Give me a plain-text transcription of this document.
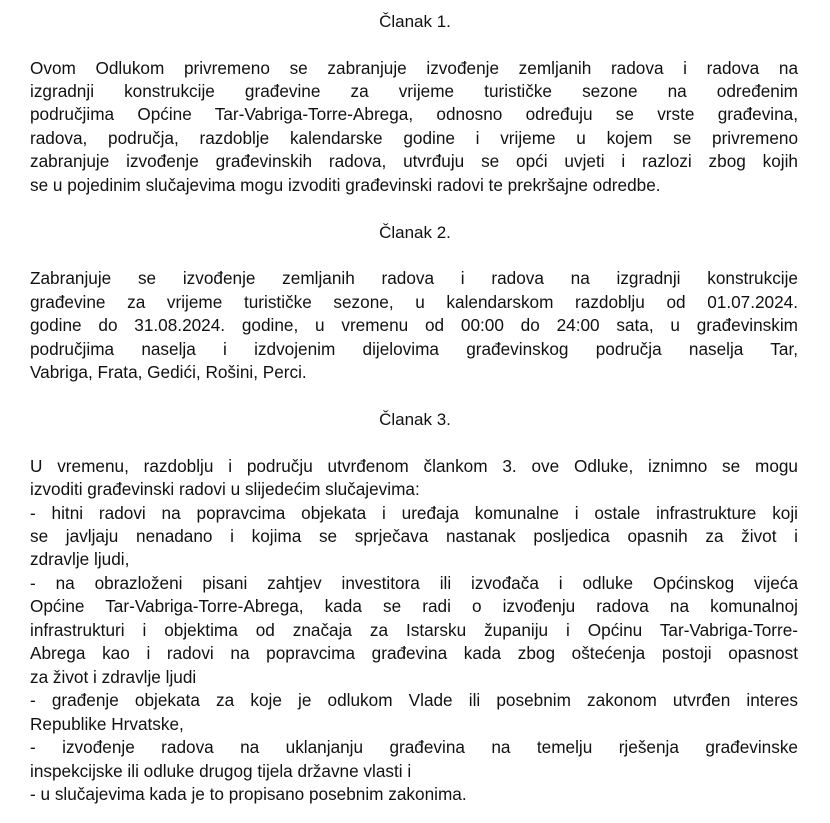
Članak 1.
Ovom Odlukom privremeno se zabranjuje izvođenje zemljanih radova i radova na
izgradnji konstrukcije građevine za vrijeme turističke sezone na određenim
područjima Općine Tar-Vabriga-Torre-Abrega, odnosno određuju se vrste građevina,
radova, područja, razdoblje kalendarske godine i vrijeme u kojem se privremeno
zabranjuje izvođenje građevinskih radova, utvrđuju se opći uvjeti i razlozi zbog kojih
se u pojedinim slučajevima mogu izvoditi građevinski radovi te prekršajne odredbe.
Članak 2.
Zabranjuje se izvođenje zemljanih radova i radova na izgradnji konstrukcije
građevine za vrijeme turističke sezone, u kalendarskom razdoblju od 01.07.2024.
godine do 31.08.2024. godine, u vremenu od 00:00 do 24:00 sata, u građevinskim
područjima naselja i izdvojenim dijelovima građevinskog područja naselja Tar,
Vabriga, Frata, Gedići, Rošini, Perci.
Članak 3.
U vremenu, razdoblju i području utvrđenom člankom 3. ove Odluke, iznimno se mogu
izvoditi građevinski radovi u slijedećim slučajevima:
- hitni radovi na popravcima objekata i uređaja komunalne i ostale infrastrukture koji
se javljaju nenadano i kojima se sprječava nastanak posljedica opasnih za život i
zdravlje ljudi,
- na obrazloženi pisani zahtjev investitora ili izvođača i odluke Općinskog vijeća
Općine Tar-Vabriga-Torre-Abrega, kada se radi o izvođenju radova na komunalnoj
infrastrukturi i objektima od značaja za Istarsku županiju i Općinu Tar-Vabriga-Torre-
Abrega kao i radovi na popravcima građevina kada zbog oštećenja postoji opasnost
za život i zdravlje ljudi
- građenje objekata za koje je odlukom Vlade ili posebnim zakonom utvrđen interes
Republike Hrvatske,
- izvođenje radova na uklanjanju građevina na temelju rješenja građevinske
inspekcijske ili odluke drugog tijela državne vlasti i
- u slučajevima kada je to propisano posebnim zakonima.
